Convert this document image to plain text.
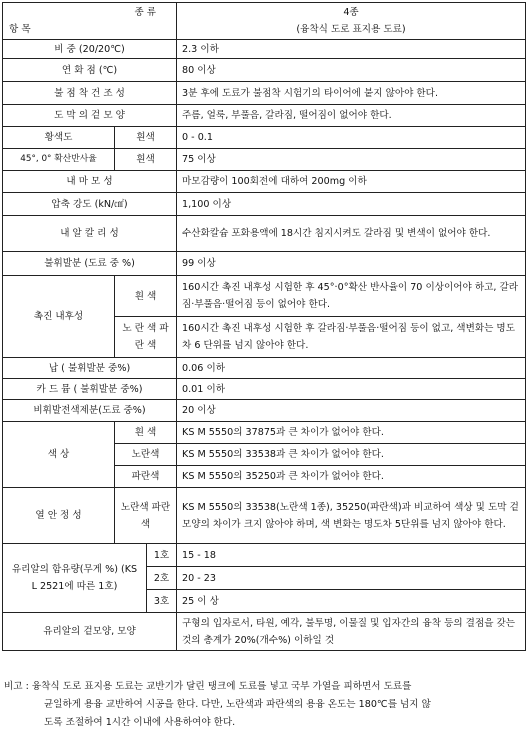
종 류
항 목			4종
(융착식 도로 표지용 도료)

비 중 (20/20℃)			2.3 이하
연 화 점 (℃)			80 이상
불 점 착 건 조 성			3분 후에 도료가 불점착 시험기의 타이어에 붙지 않아야 한다.
도 막 의 겉 모 양			주름, 얼룩, 부풀음, 갈라짐, 떨어짐이 없어야 한다.
황색도	흰색		0 - 0.1
45°, 0° 확산반사율	흰색		75 이상
내 마 모 성			마모감량이 100회전에 대하여 200mg 이하
압축 강도 (kN/㎠)			1,100 이상
내 알 칼 리 성			수산화칼슘 포화용액에 18시간 침지시켜도 갈라짐 및 변색이 없어야 한다.
불휘발분 (도료 중 %)			99 이상
촉진 내후성	흰 색		160시간 촉진 내후성 시험한 후 45°·0°확산 반사율이 70 이상이어야 하고, 갈라짐·부풀음·떨어짐 등이 없어야 한다.
	노 란 색 파 란 색		160시간 촉진 내후성 시험한 후 갈라짐·부풀음·떨어짐 등이 없고, 색변화는 명도차 6 단위를 넘지 않아야 한다.
납 ( 불휘발분 중%)			0.06 이하
카 드 뮴 ( 불휘발분 중%)			0.01 이하
비휘발전색제분(도료 중%)			20 이상
색 상	흰 색		KS M 5550의 37875과 큰 차이가 없어야 한다.
	노란색		KS M 5550의 33538과 큰 차이가 없어야 한다.
	파란색		KS M 5550의 35250과 큰 차이가 없어야 한다.
열 안 정 성	노란색 파란색		KS M 5550의 33538(노란색 1종), 35250(파란색)과 비교하여 색상 및 도막 겉모양의 차이가 크지 않아야 하며, 색 변화는 명도차 5단위를 넘지 않아야 한다.
유리알의 함유량(무게 %) (KS L 2521에 따른 1호)		1호	15 - 18
		2호	20 - 23
		3호	25 이 상
유리알의 겉모양, 모양			구형의 입자로서, 타원, 예각, 불투명, 이물질 및 입자간의 융착 등의 결점을 갖는 것의 총계가 20%(개수%) 이하일 것
비고 : 융착식 도로 표지용 도료는 교반기가 달린 탱크에 도료를 넣고 국부 가열을 피하면서 도료를
균일하게 용융 교반하여 시공을 한다. 다만, 노란색과 파란색의 용융 온도는 180℃를 넘지 않
도록 조절하여 1시간 이내에 사용하여야 한다.
